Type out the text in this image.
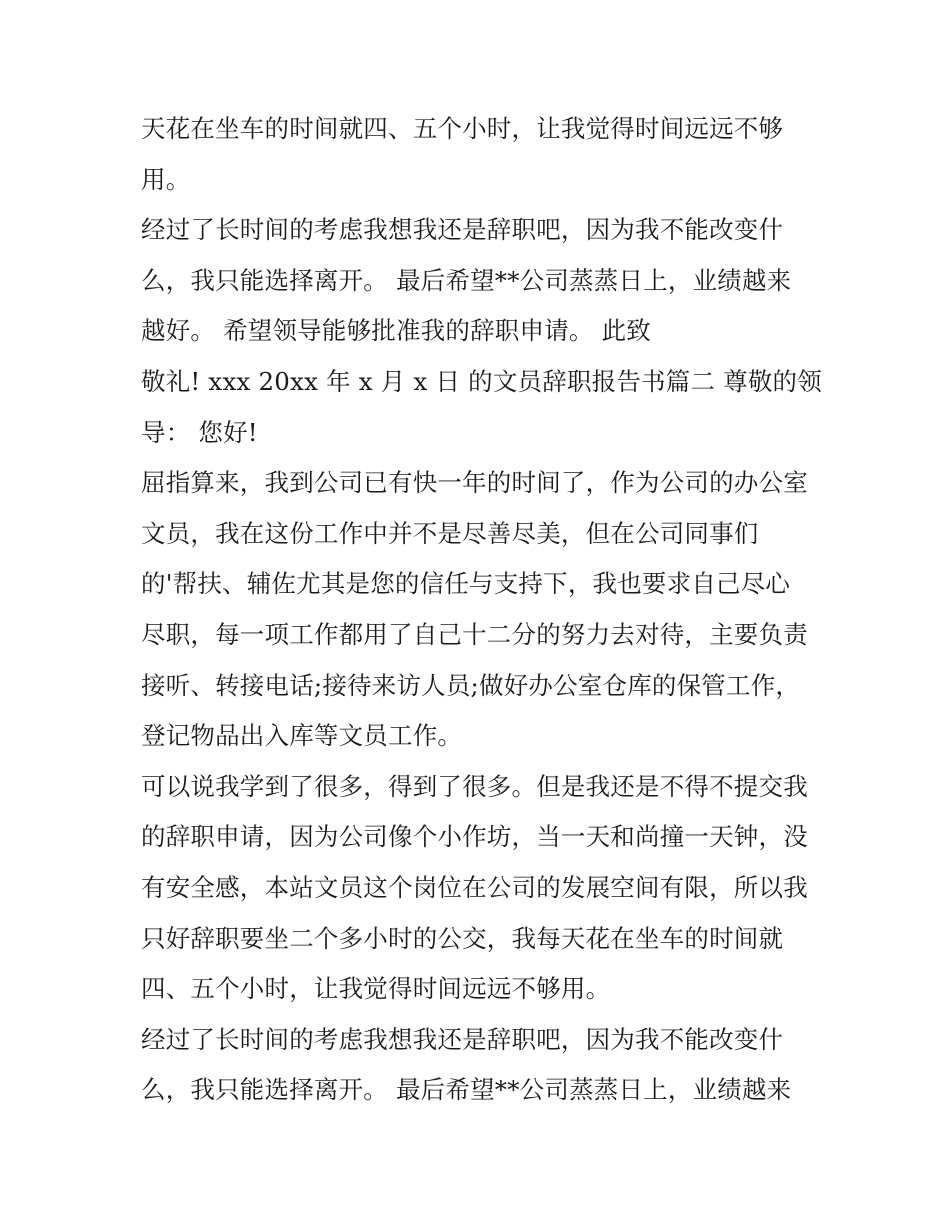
天花在坐车的时间就四、五个小时，让我觉得时间远远不够
用。
经过了长时间的考虑我想我还是辞职吧，因为我不能改变什
么，我只能选择离开。 最后希望**公司蒸蒸日上，业绩越来
越好。 希望领导能够批准我的辞职申请。 此致
敬礼! xxx 20xx 年 x 月 x 日 的文员辞职报告书篇二 尊敬的领
导： 您好!
屈指算来，我到公司已有快一年的时间了，作为公司的办公室
文员，我在这份工作中并不是尽善尽美，但在公司同事们
的'帮扶、辅佐尤其是您的信任与支持下，我也要求自己尽心
尽职，每一项工作都用了自己十二分的努力去对待，主要负责
接听、转接电话;接待来访人员;做好办公室仓库的保管工作，
登记物品出入库等文员工作。
可以说我学到了很多，得到了很多。但是我还是不得不提交我
的辞职申请，因为公司像个小作坊，当一天和尚撞一天钟，没
有安全感，本站文员这个岗位在公司的发展空间有限，所以我
只好辞职要坐二个多小时的公交，我每天花在坐车的时间就
四、五个小时，让我觉得时间远远不够用。
经过了长时间的考虑我想我还是辞职吧，因为我不能改变什
么，我只能选择离开。 最后希望**公司蒸蒸日上，业绩越来
